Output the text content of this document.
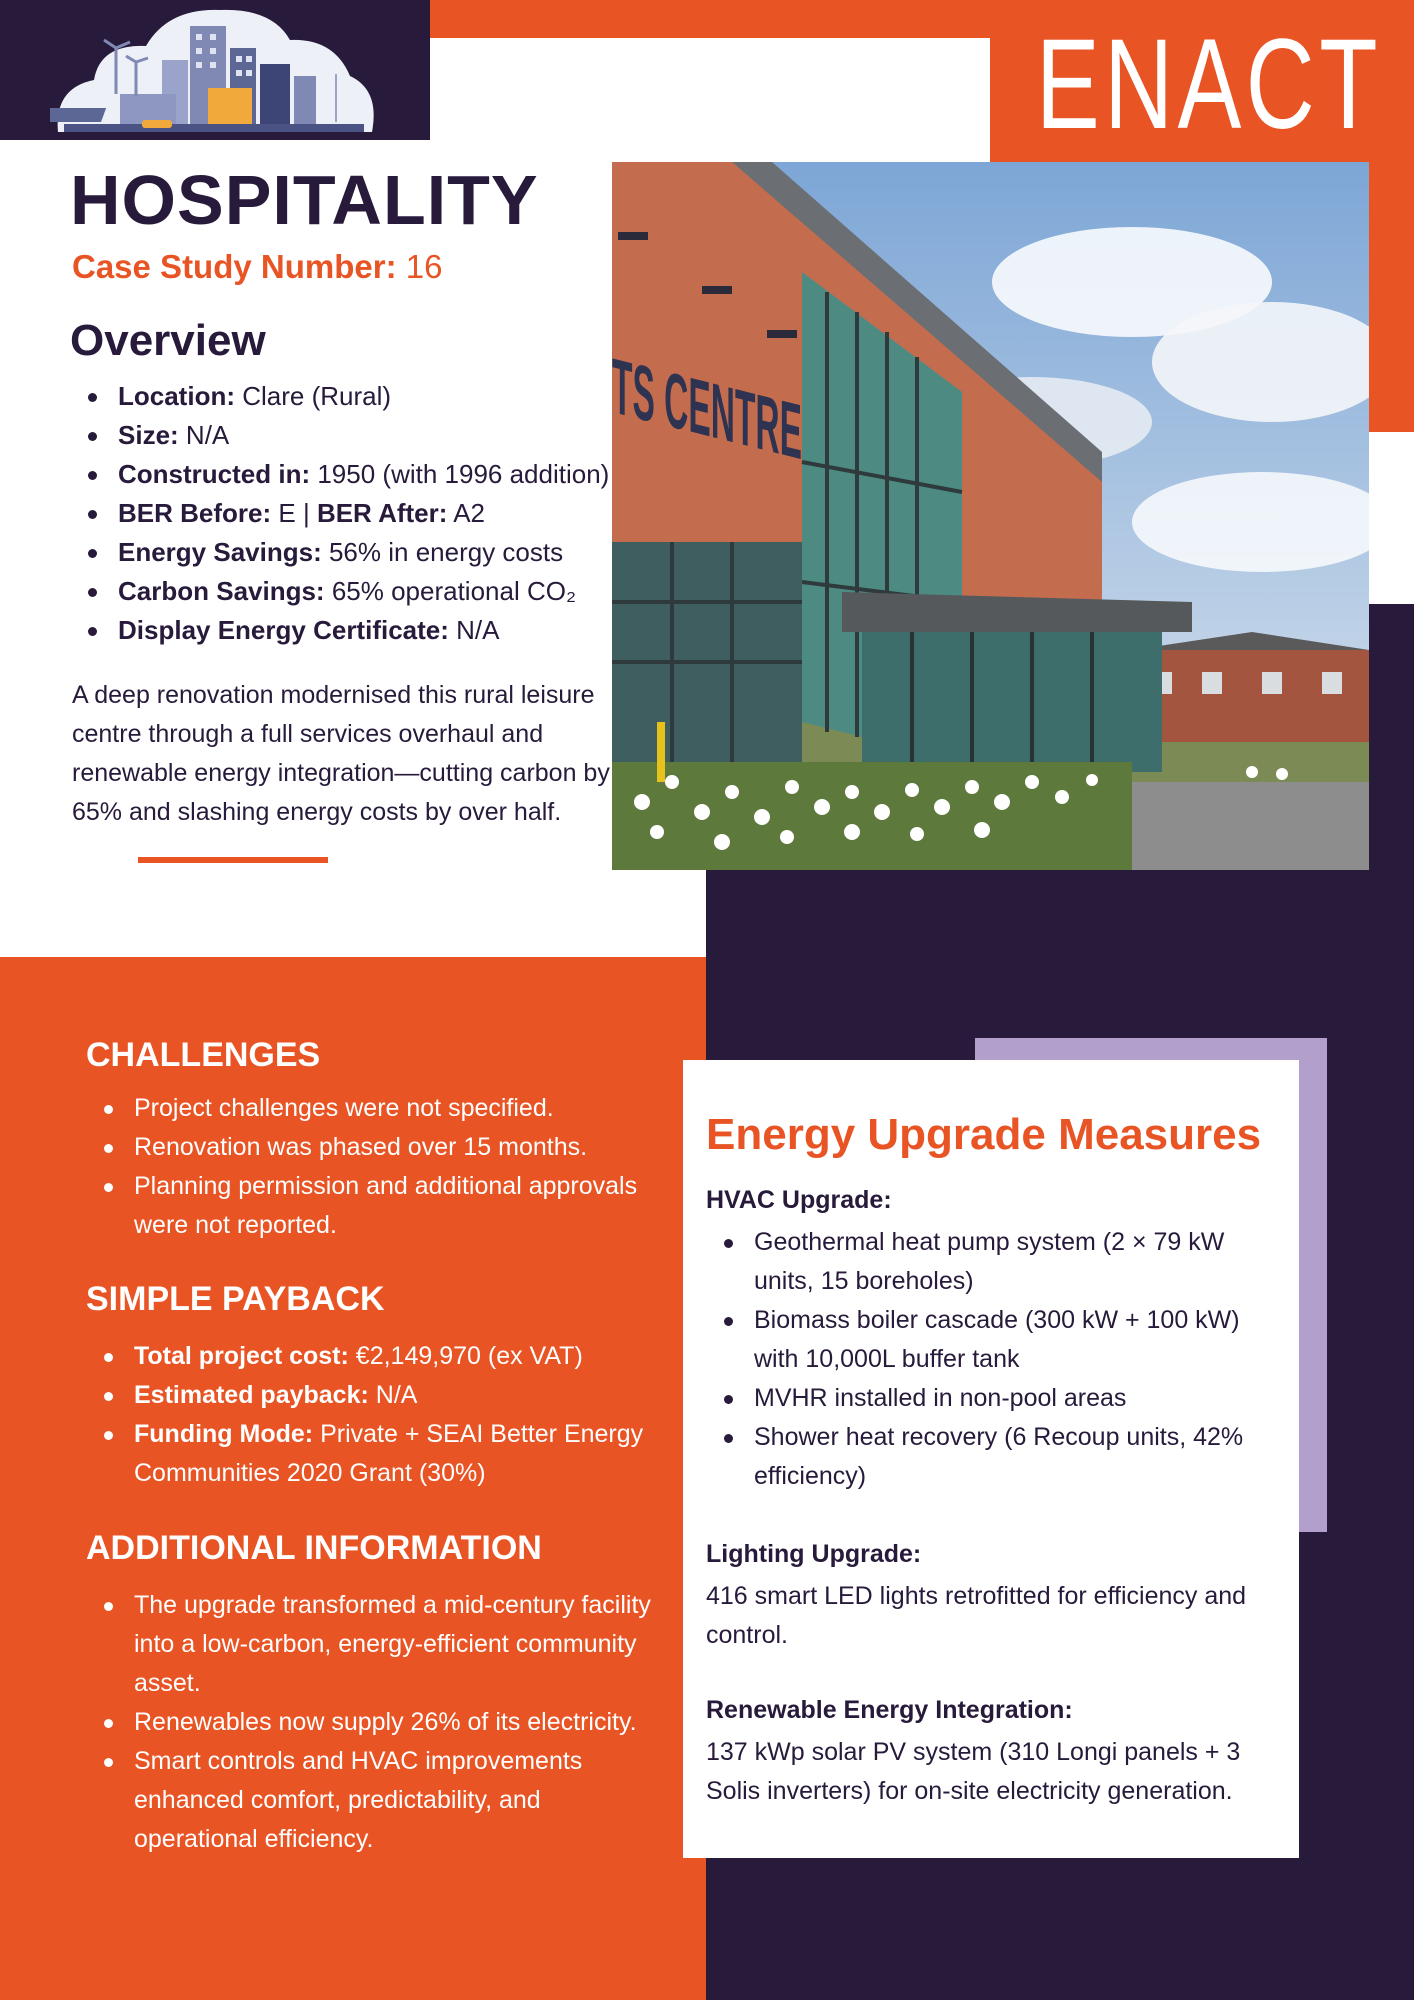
ENACT
HOSPITALITY
Case Study Number: 16
Overview
Location: Clare (Rural)
Size: N/A
Constructed in: 1950 (with 1996 addition)
BER Before: E | BER After: A2
Energy Savings: 56% in energy costs
Carbon Savings: 65% operational CO₂
Display Energy Certificate: N/A

A deep renovation modernised this rural leisure centre through a full services overhaul and renewable energy integration—cutting carbon by 65% and slashing energy costs by over half.

CHALLENGES
Project challenges were not specified.
Renovation was phased over 15 months.
Planning permission and additional approvals were not reported.
SIMPLE PAYBACK
Total project cost: €2,149,970 (ex VAT)
Estimated payback: N/A
Funding Mode: Private + SEAI Better Energy Communities 2020 Grant (30%)
ADDITIONAL INFORMATION
The upgrade transformed a mid-century facility into a low-carbon, energy-efficient community asset.
Renewables now supply 26% of its electricity.
Smart controls and HVAC improvements enhanced comfort, predictability, and operational efficiency.
Energy Upgrade Measures
HVAC Upgrade:
Geothermal heat pump system (2 × 79 kW units, 15 boreholes)
Biomass boiler cascade (300 kW + 100 kW) with 10,000L buffer tank
MVHR installed in non-pool areas
Shower heat recovery (6 Recoup units, 42% efficiency)
Lighting Upgrade:

416 smart LED lights retrofitted for efficiency and control.

Renewable Energy Integration:

137 kWp solar PV system (310 Longi panels + 3 Solis inverters) for on-site electricity generation.
